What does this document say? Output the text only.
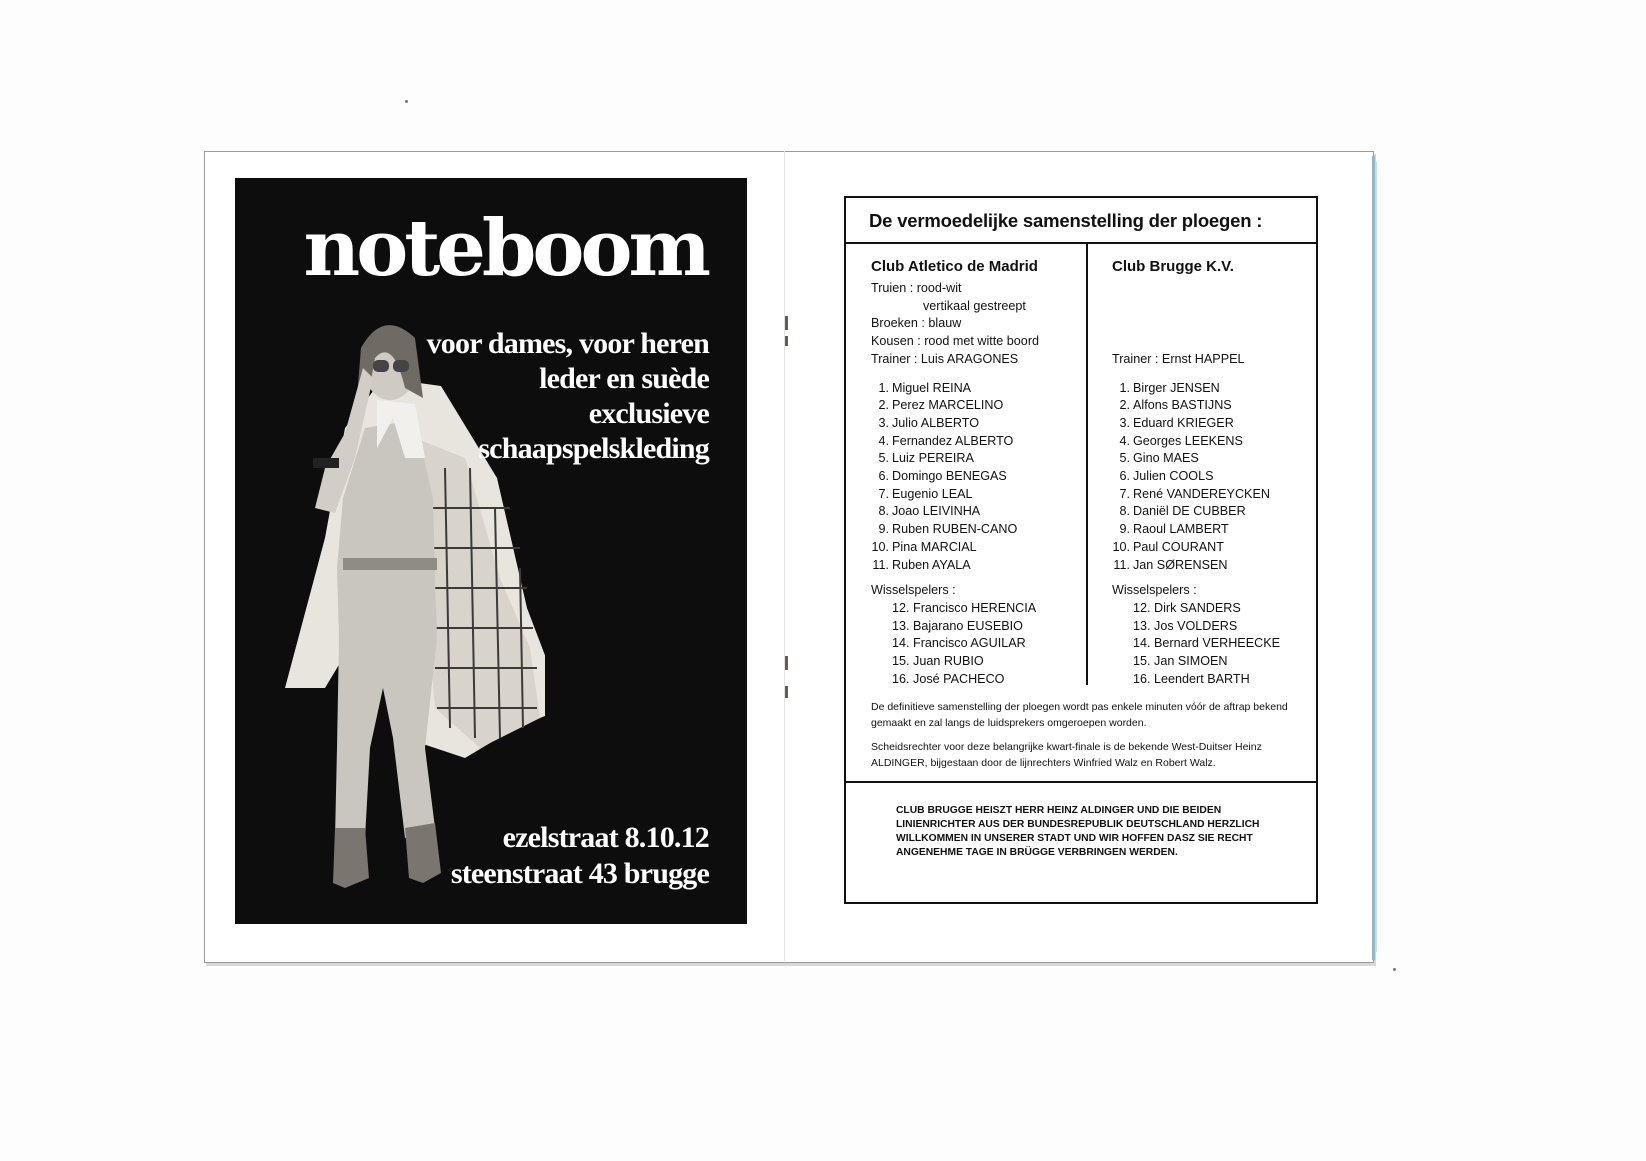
noteboom
voor dames, voor heren
leder en suède
exclusieve
schaapspelskleding
ezelstraat 8.10.12
steenstraat 43 brugge
De vermoedelijke samenstelling der ploegen :
Club Atletico de Madrid
Truien : rood-wit
vertikaal gestreept
Broeken : blauw
Kousen : rood met witte boord
Trainer : Luis ARAGONES
1. Miguel REINA
2. Perez MARCELINO
3. Julio ALBERTO
4. Fernandez ALBERTO
5. Luiz PEREIRA
6. Domingo BENEGAS
7. Eugenio LEAL
8. Joao LEIVINHA
9. Ruben RUBEN-CANO
10. Pina MARCIAL
11. Ruben AYALA
Wisselspelers :
12. Francisco HERENCIA
13. Bajarano EUSEBIO
14. Francisco AGUILAR
15. Juan RUBIO
16. José PACHECO
Club Brugge K.V.
Trainer : Ernst HAPPEL
1. Birger JENSEN
2. Alfons BASTIJNS
3. Eduard KRIEGER
4. Georges LEEKENS
5. Gino MAES
6. Julien COOLS
7. René VANDEREYCKEN
8. Daniël DE CUBBER
9. Raoul LAMBERT
10. Paul COURANT
11. Jan SØRENSEN
Wisselspelers :
12. Dirk SANDERS
13. Jos VOLDERS
14. Bernard VERHEECKE
15. Jan SIMOEN
16. Leendert BARTH
De definitieve samenstelling der ploegen wordt pas enkele minuten vóór de aftrap bekend gemaakt en zal langs de luidsprekers omgeroepen worden.
Scheidsrechter voor deze belangrijke kwart-finale is de bekende West-Duitser Heinz ALDINGER, bijgestaan door de lijnrechters Winfried Walz en Robert Walz.
CLUB BRUGGE HEISZT HERR HEINZ ALDINGER UND DIE BEIDEN LINIENRICHTER AUS DER BUNDESREPUBLIK DEUTSCHLAND HERZLICH WILLKOMMEN IN UNSERER STADT UND WIR HOFFEN DASZ SIE RECHT ANGENEHME TAGE IN BRÜGGE VERBRINGEN WERDEN.
